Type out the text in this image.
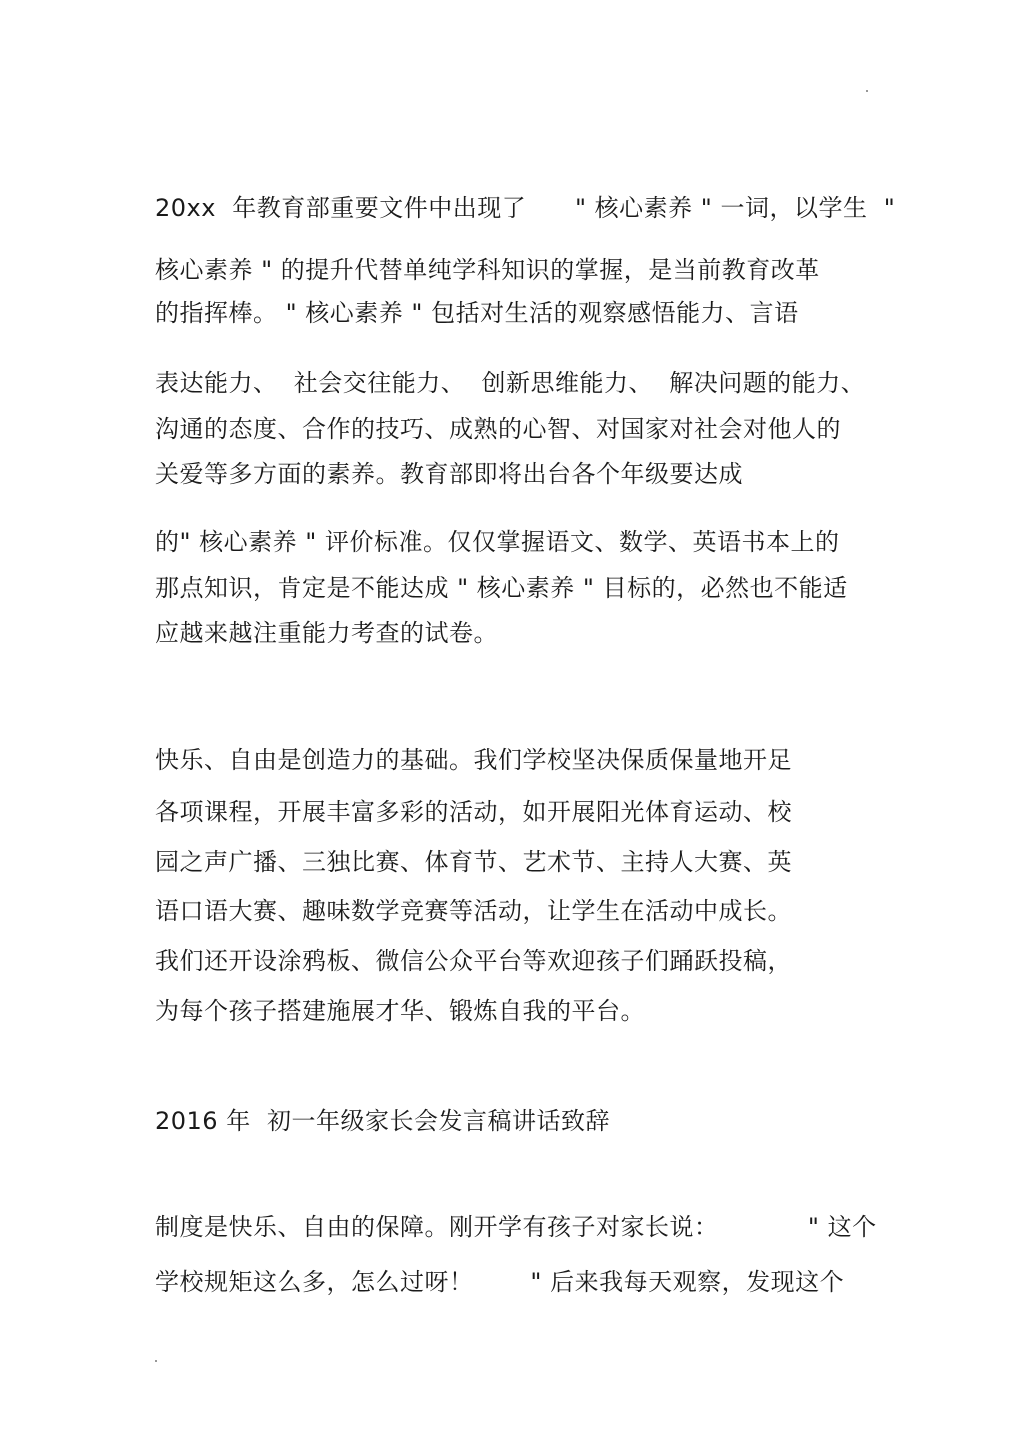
20xx  年教育部重要文件中出现了      " 核心素养 " 一词，以学生  "
核心素养 " 的提升代替单纯学科知识的掌握，是当前教育改革
的指挥棒。 " 核心素养 " 包括对生活的观察感悟能力、言语
表达能力、  社会交往能力、  创新思维能力、  解决问题的能力、
沟通的态度、合作的技巧、成熟的心智、对国家对社会对他人的
关爱等多方面的素养。教育部即将出台各个年级要达成
的" 核心素养 " 评价标准。仅仅掌握语文、数学、英语书本上的
那点知识，肯定是不能达成 " 核心素养 " 目标的，必然也不能适
应越来越注重能力考查的试卷。
快乐、自由是创造力的基础。我们学校坚决保质保量地开足
各项课程，开展丰富多彩的活动，如开展阳光体育运动、校
园之声广播、三独比赛、体育节、艺术节、主持人大赛、英
语口语大赛、趣味数学竞赛等活动，让学生在活动中成长。
我们还开设涂鸦板、微信公众平台等欢迎孩子们踊跃投稿，
为每个孩子搭建施展才华、锻炼自我的平台。
2016 年  初一年级家长会发言稿讲话致辞
制度是快乐、自由的保障。刚开学有孩子对家长说：           " 这个
学校规矩这么多，怎么过呀！       " 后来我每天观察，发现这个
